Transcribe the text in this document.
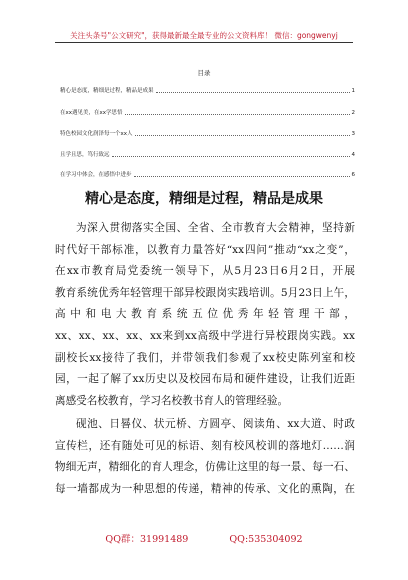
关注头条号"公文研究"，获得最新最全最专业的公文资料库！ 微信：gongwenyj
目录
精心是态度，精细是过程，精品是成果	1
在xx遇见美，在xx学思悟	2
特色校园文化润泽每一个xx人	3
且学且思，笃行致远	4
在学习中体会，在感悟中进步	6
精心是态度，精细是过程，精品是成果
为深入贯彻落实全国、全省、全市教育大会精神，坚持新
时代好干部标准，以教育力量答好“xx四问”推动“xx之变”，
在xx市教育局党委统一领导下，从5月23日6月2日，开展
教育系统优秀年轻管理干部异校跟岗实践培训。5月23日上午，
高中和电大教育系统五位优秀年轻管理干部，
xx、xx、xx、xx、xx来到xx高级中学进行异校跟岗实践。xx
副校长xx接待了我们，并带领我们参观了xx校史陈列室和校
园，一起了解了xx历史以及校园布局和硬件建设，让我们近距
离感受名校教育，学习名校教书育人的管理经验。
砚池、日晷仪、状元桥、方圆亭、阅读角、xx大道、时政
宣传栏，还有随处可见的标语、刻有校风校训的落地灯……润
物细无声，精细化的育人理念，仿佛让这里的每一景、每一石、
每一墙都成为一种思想的传递，精神的传承、文化的熏陶，在
QQ群：31991489	QQ:535304092
